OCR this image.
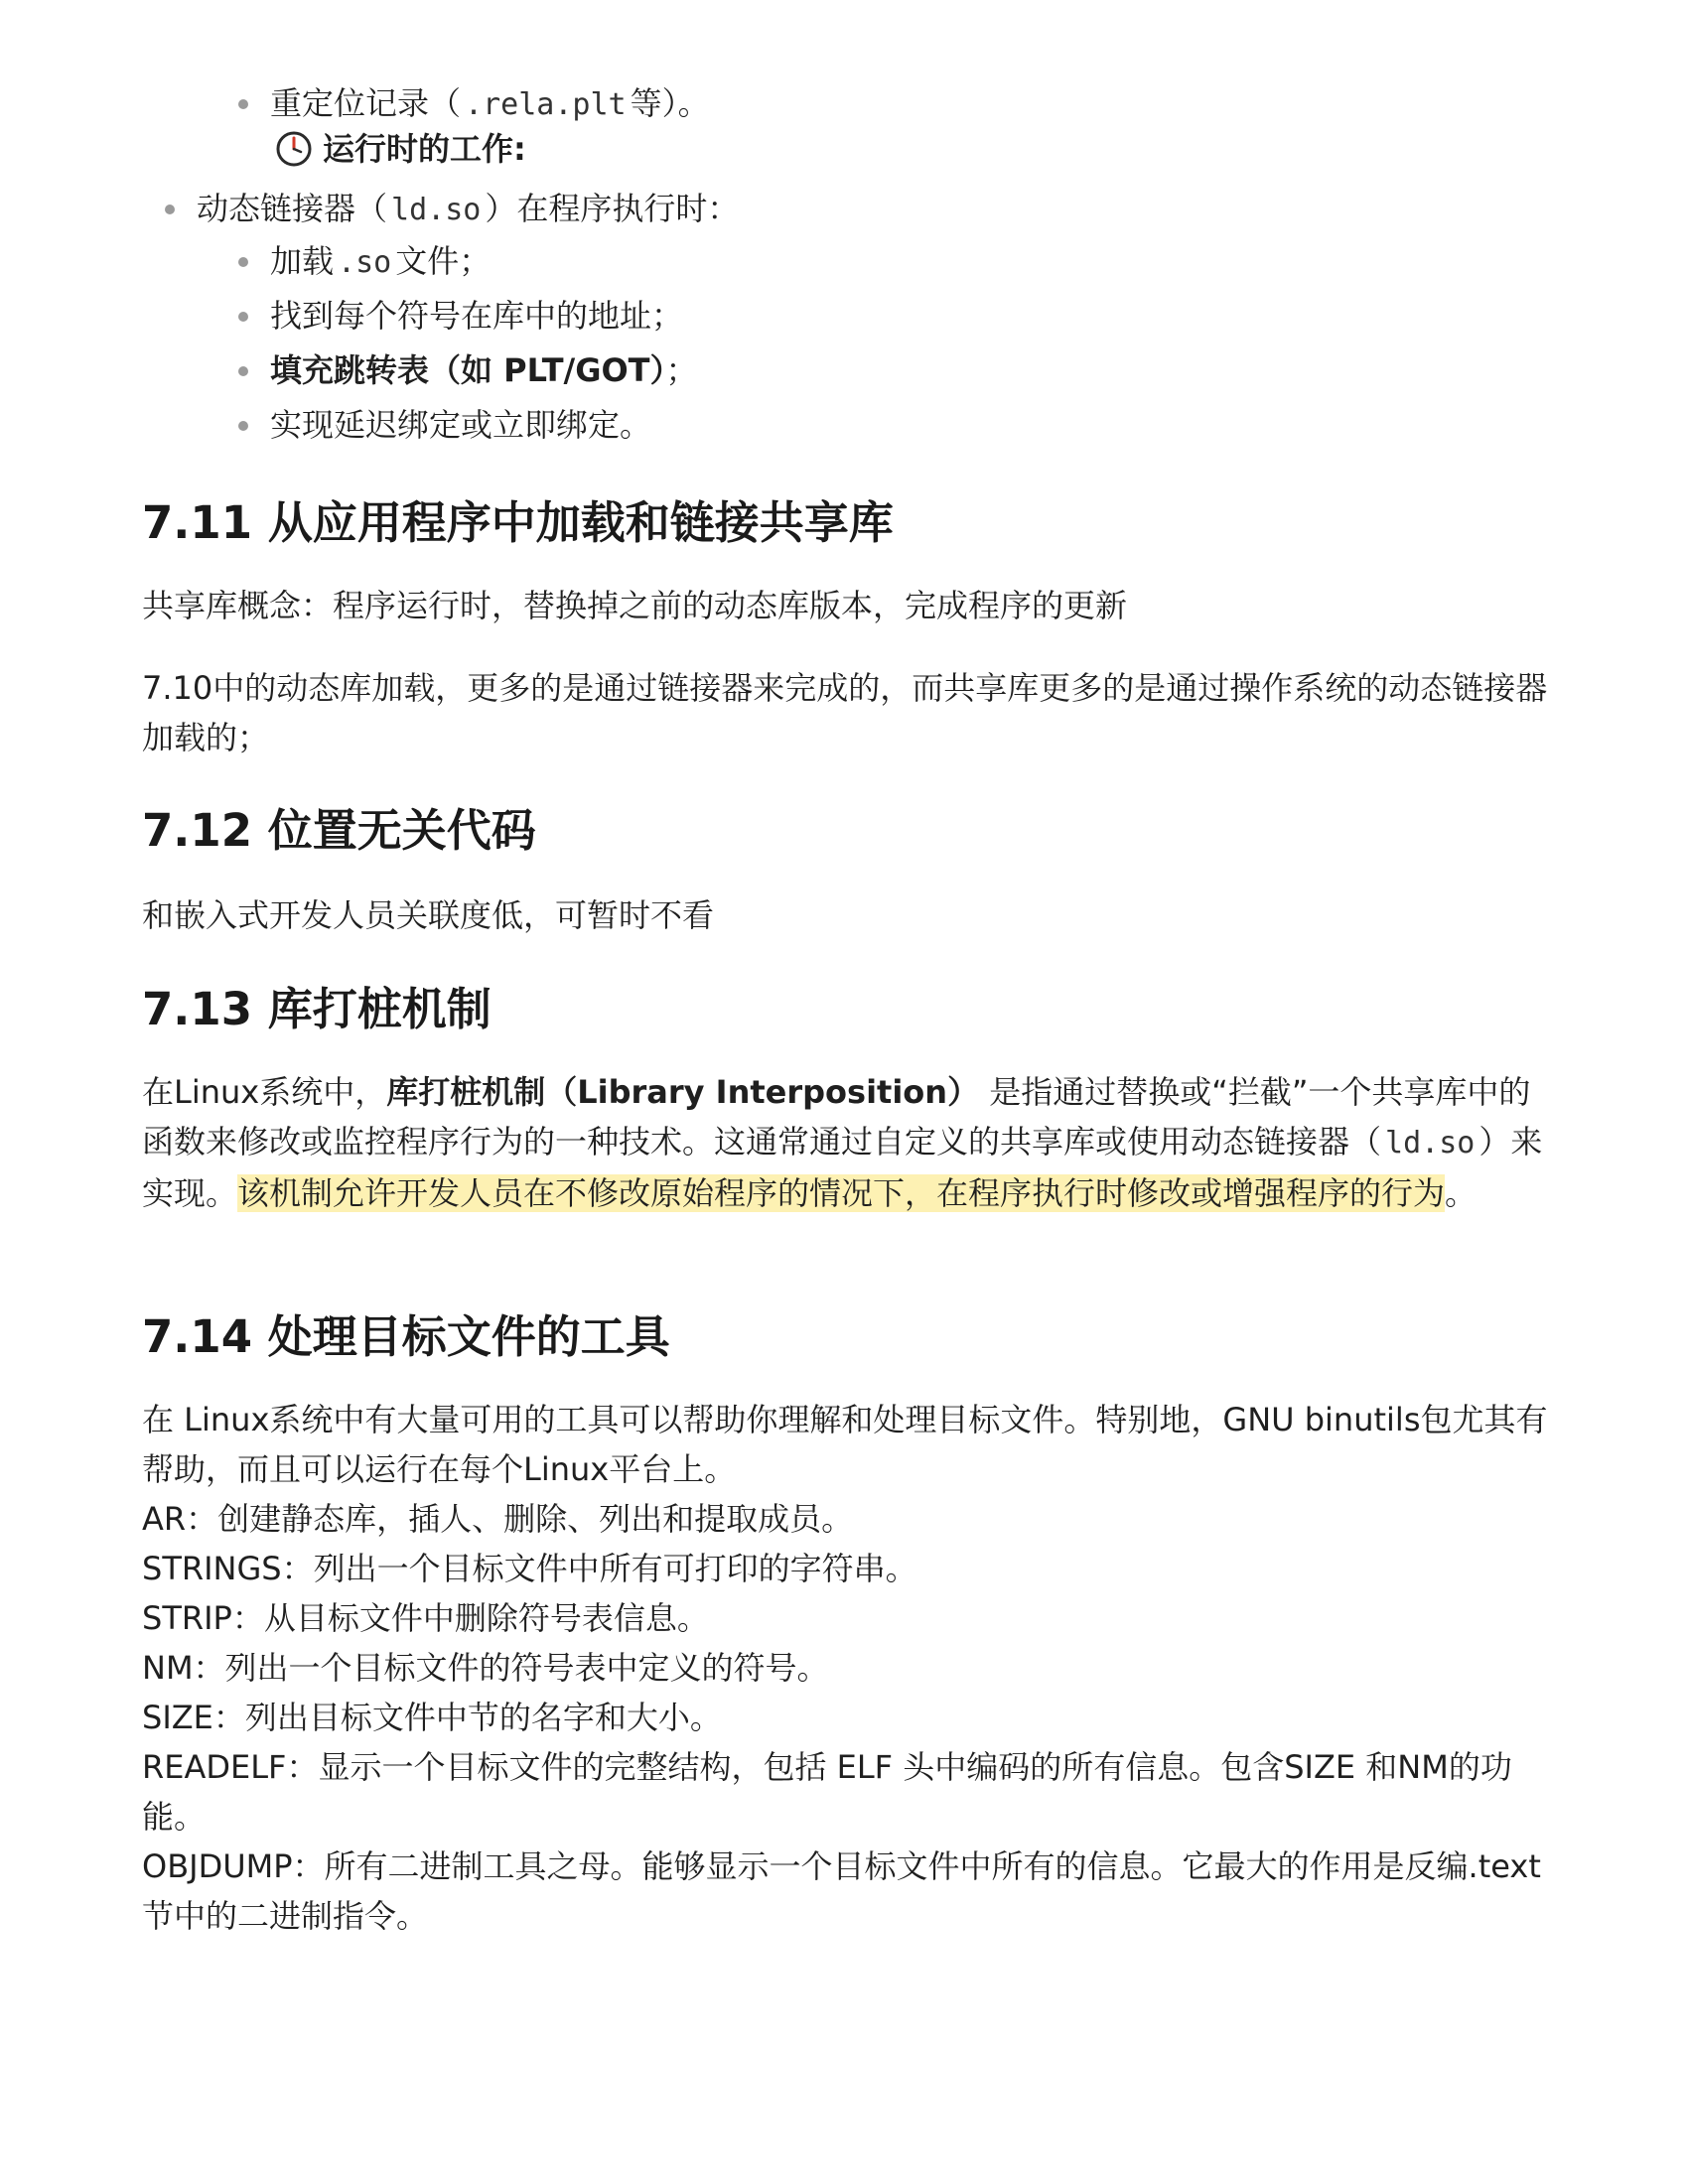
重定位记录（ .rela.plt 等）。
运行时的工作:
动态链接器（ ld.so ）在程序执行时：
加载 .so 文件；
找到每个符号在库中的地址；
填充跳转表（如 PLT/GOT）；
实现延迟绑定或立即绑定。
7.11 从应用程序中加载和链接共享库
共享库概念：程序运行时，替换掉之前的动态库版本，完成程序的更新
7.10中的动态库加载，更多的是通过链接器来完成的，而共享库更多的是通过操作系统的动态链接器加载的；
7.12 位置无关代码
和嵌入式开发人员关联度低，可暂时不看
7.13 库打桩机制
在Linux系统中，库打桩机制（Library Interposition） 是指通过替换或“拦截”一个共享库中的函数来修改或监控程序行为的一种技术。这通常通过自定义的共享库或使用动态链接器（ ld.so ）来实现。该机制允许开发人员在不修改原始程序的情况下，在程序执行时修改或增强程序的行为。
7.14 处理目标文件的工具

在 Linux系统中有大量可用的工具可以帮助你理解和处理目标文件。特别地，GNU binutils包尤其有帮助，而且可以运行在每个Linux平台上。

AR：创建静态库，插人、删除、列出和提取成员。

STRINGS：列出一个目标文件中所有可打印的字符串。

STRIP：从目标文件中删除符号表信息。

NM：列出一个目标文件的符号表中定义的符号。

SIZE：列出目标文件中节的名字和大小。

READELF：显示一个目标文件的完整结构，包括 ELF 头中编码的所有信息。包含SIZE 和NM的功能。

OBJDUMP：所有二进制工具之母。能够显示一个目标文件中所有的信息。它最大的作用是反编.text节中的二进制指令。
